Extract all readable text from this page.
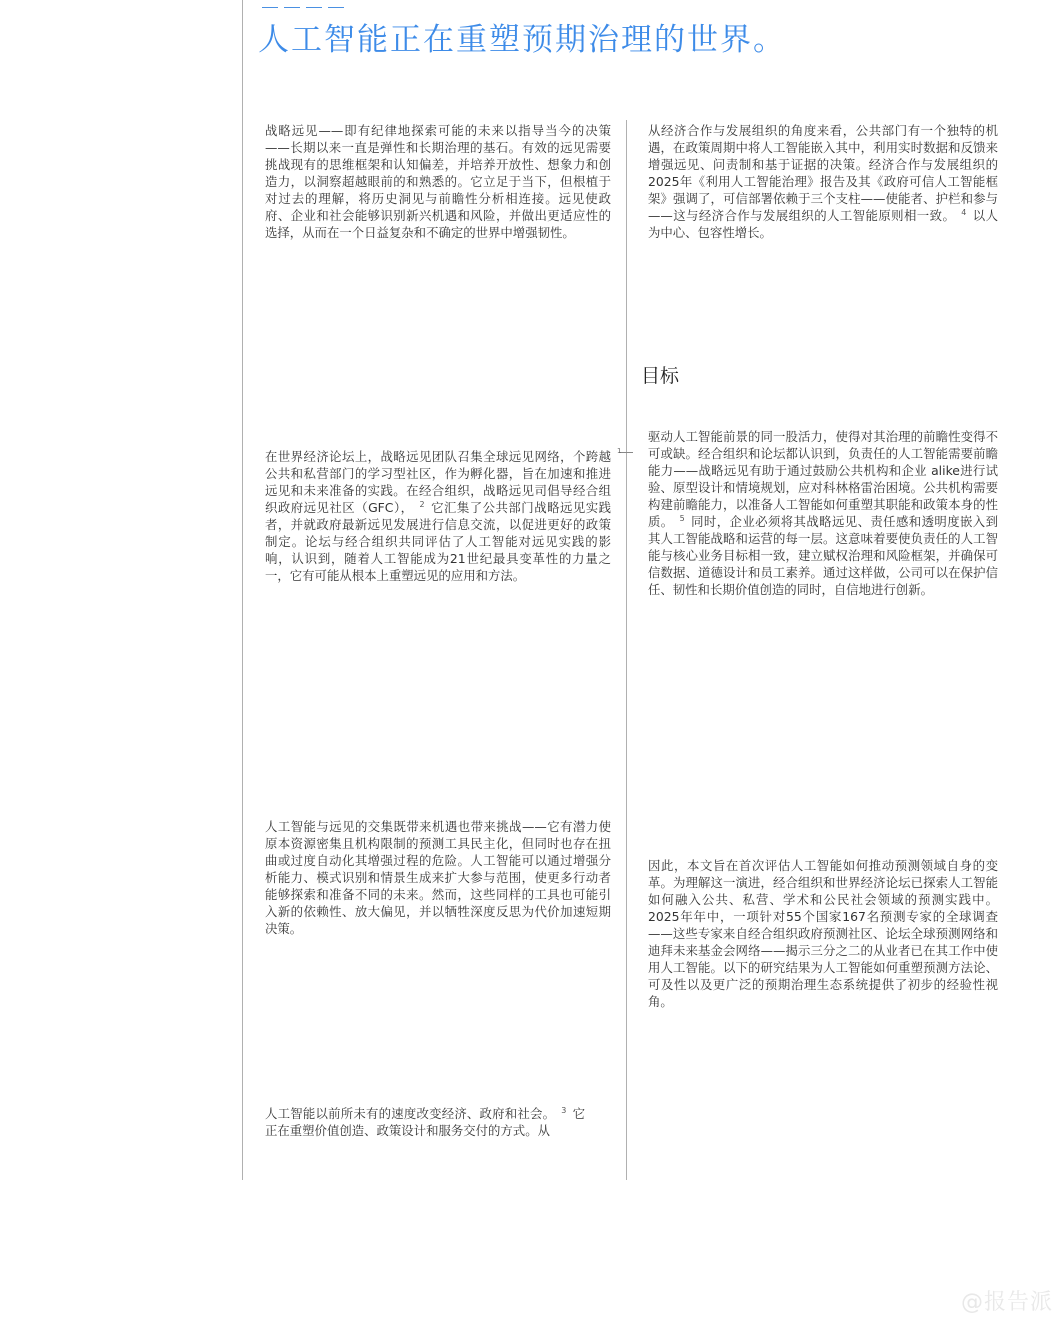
人工智能正在重塑预期治理的世界。

战略远见——即有纪律地探索可能的未来以指导当今的决策——长期以来一直是弹性和长期治理的基石。有效的远见需要挑战现有的思维框架和认知偏差，并培养开放性、想象力和创造力，以洞察超越眼前的和熟悉的。它立足于当下，但根植于对过去的理解，将历史洞见与前瞻性分析相连接。远见使政府、企业和社会能够识别新兴机遇和风险，并做出更适应性的选择，从而在一个日益复杂和不确定的世界中增强韧性。

在世界经济论坛上，战略远见团队召集全球远见网络，个跨越公共和私营部门的学习型社区，作为孵化器，旨在加速和推进远见和未来准备的实践。在经合组织，战略远见司倡导经合组织政府远见社区（GFC）， $^2$ 它汇集了公共部门战略远见实践者，并就政府最新远见发展进行信息交流，以促进更好的政策制定。论坛与经合组织共同评估了人工智能对远见实践的影响，认识到，随着人工智能成为21世纪最具变革性的力量之一，它有可能从根本上重塑远见的应用和方法。

人工智能与远见的交集既带来机遇也带来挑战——它有潜力使原本资源密集且机构限制的预测工具民主化，但同时也存在扭曲或过度自动化其增强过程的危险。人工智能可以通过增强分析能力、模式识别和情景生成来扩大参与范围，使更多行动者能够探索和准备不同的未来。然而，这些同样的工具也可能引入新的依赖性、放大偏见，并以牺牲深度反思为代价加速短期决策。

人工智能以前所未有的速度改变经济、政府和社会。 $^3$ 它正在重塑价值创造、政策设计和服务交付的方式。从

从经济合作与发展组织的角度来看，公共部门有一个独特的机遇，在政策周期中将人工智能嵌入其中，利用实时数据和反馈来增强远见、问责制和基于证据的决策。经济合作与发展组织的2025年《利用人工智能治理》报告及其《政府可信人工智能框架》强调了，可信部署依赖于三个支柱——使能者、护栏和参与——这与经济合作与发展组织的人工智能原则相一致。 $^4$ 以人为中心、包容性增长。

目标
1

驱动人工智能前景的同一股活力，使得对其治理的前瞻性变得不可或缺。经合组织和论坛都认识到，负责任的人工智能需要前瞻能力——战略远见有助于通过鼓励公共机构和企业 alike进行试验、原型设计和情境规划，应对科林格雷治困境。公共机构需要构建前瞻能力，以准备人工智能如何重塑其职能和政策本身的性质。 $^5$ 同时，企业必须将其战略远见、责任感和透明度嵌入到其人工智能战略和运营的每一层。这意味着要使负责任的人工智能与核心业务目标相一致，建立赋权治理和风险框架，并确保可信数据、道德设计和员工素养。通过这样做，公司可以在保护信任、韧性和长期价值创造的同时，自信地进行创新。

因此，本文旨在首次评估人工智能如何推动预测领域自身的变革。为理解这一演进，经合组织和世界经济论坛已探索人工智能如何融入公共、私营、学术和公民社会领域的预测实践中。2025年年中，一项针对55个国家167名预测专家的全球调查——这些专家来自经合组织政府预测社区、论坛全球预测网络和迪拜未来基金会网络——揭示三分之二的从业者已在其工作中使用人工智能。以下的研究结果为人工智能如何重塑预测方法论、可及性以及更广泛的预期治理生态系统提供了初步的经验性视角。

@报告派
